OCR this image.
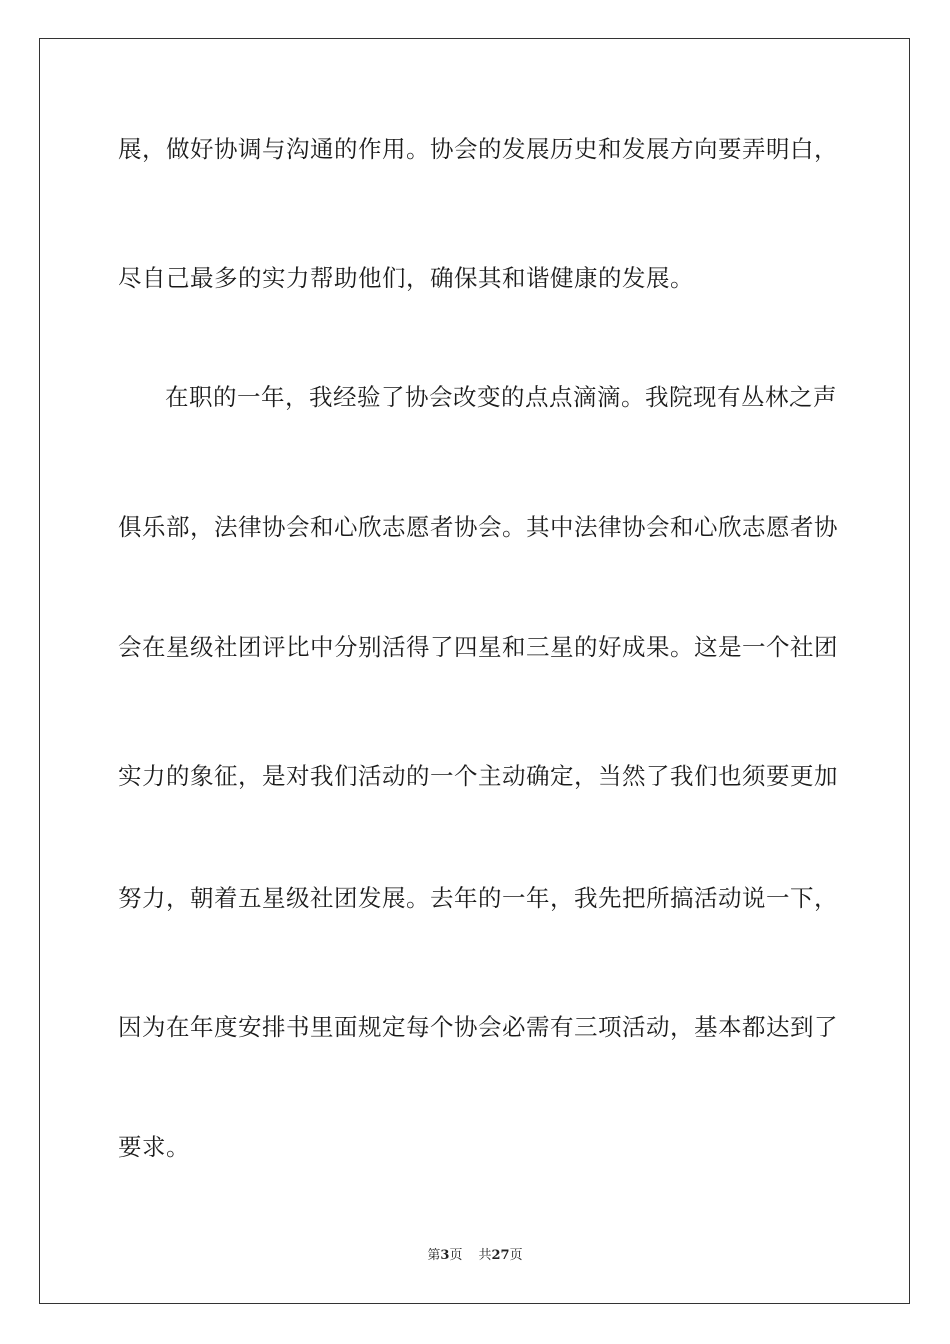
展，做好协调与沟通的作用。协会的发展历史和发展方向要弄明白，
尽自己最多的实力帮助他们，确保其和谐健康的发展。
在职的一年，我经验了协会改变的点点滴滴。我院现有丛林之声
俱乐部，法律协会和心欣志愿者协会。其中法律协会和心欣志愿者协
会在星级社团评比中分别活得了四星和三星的好成果。这是一个社团
实力的象征，是对我们活动的一个主动确定，当然了我们也须要更加
努力，朝着五星级社团发展。去年的一年，我先把所搞活动说一下，
因为在年度安排书里面规定每个协会必需有三项活动，基本都达到了
要求。
第3页 共27页
